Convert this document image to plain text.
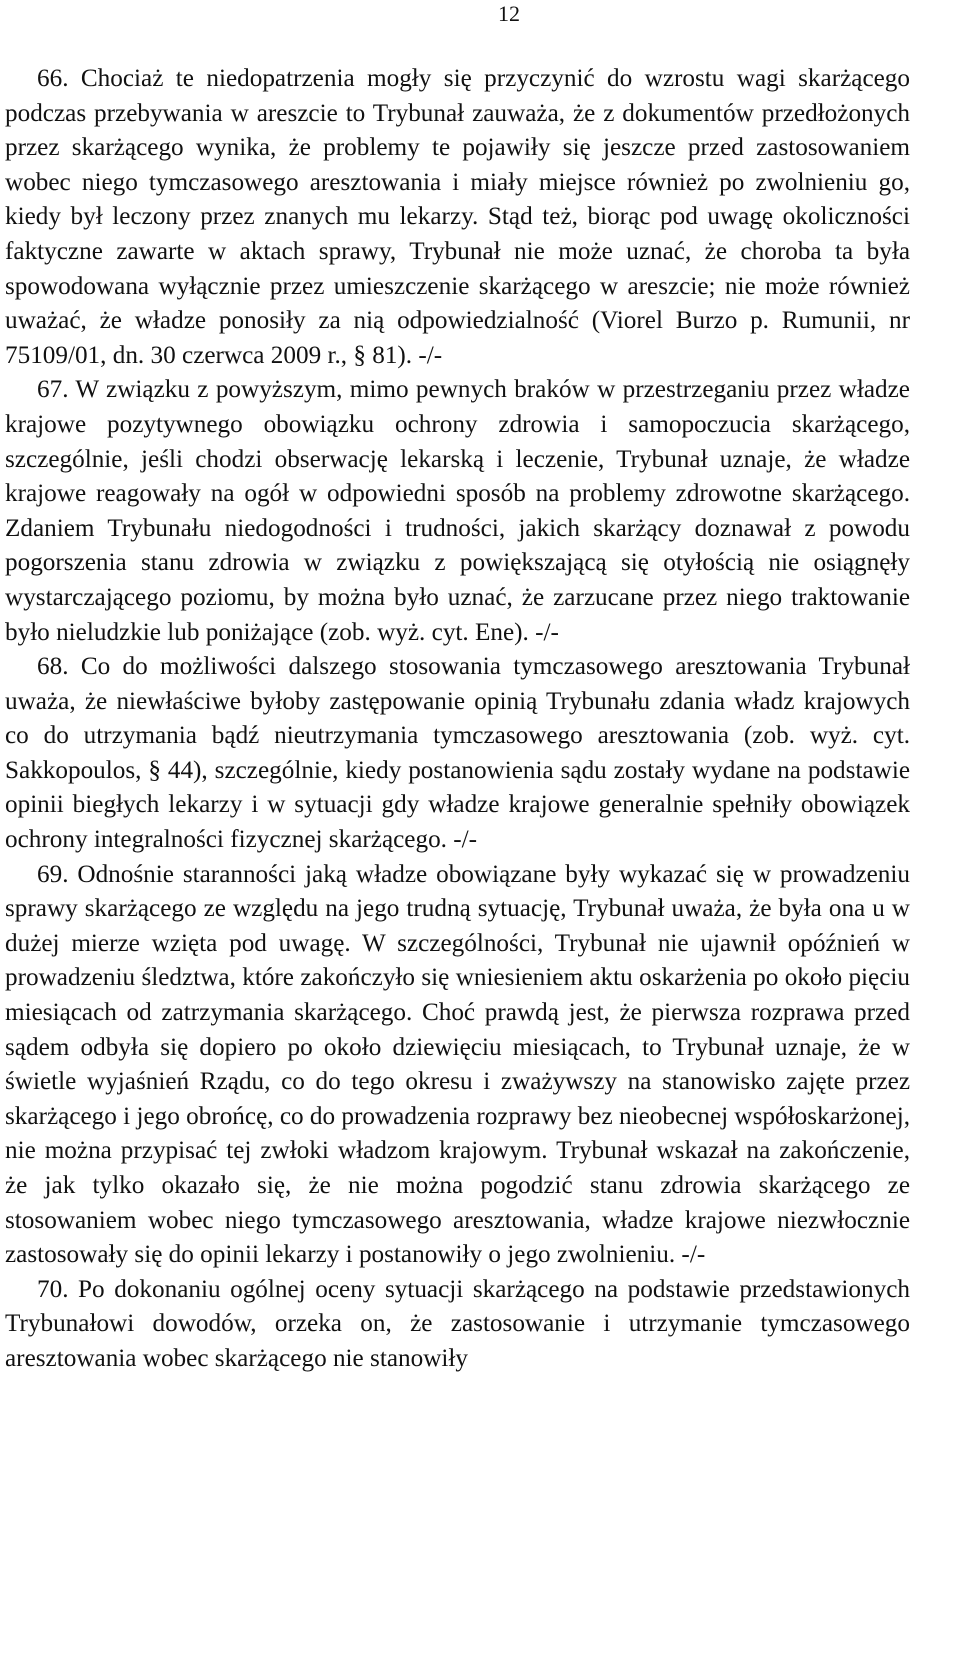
12

66. Chociaż te niedopatrzenia mogły się przyczynić do wzrostu wagi skarżącego podczas przebywania w areszcie to Trybunał zauważa, że z dokumentów przedłożonych przez skarżącego wynika, że problemy te pojawiły się jeszcze przed zastosowaniem wobec niego tymczasowego aresztowania i miały miejsce również po zwolnieniu go, kiedy był leczony przez znanych mu lekarzy. Stąd też, biorąc pod uwagę okoliczności faktyczne zawarte w aktach sprawy, Trybunał nie może uznać, że choroba ta była spowodowana wyłącznie przez umieszczenie skarżącego w areszcie; nie może również uważać, że władze ponosiły za nią odpowiedzialność (Viorel Burzo p. Rumunii, nr 75109/01, dn. 30 czerwca 2009 r., § 81). -/-

67. W związku z powyższym, mimo pewnych braków w przestrzeganiu przez władze krajowe pozytywnego obowiązku ochrony zdrowia i samopoczucia skarżącego, szczególnie, jeśli chodzi obserwację lekarską i leczenie, Trybunał uznaje, że władze krajowe reagowały na ogół w odpowiedni sposób na problemy zdrowotne skarżącego. Zdaniem Trybunału niedogodności i trudności, jakich skarżący doznawał z powodu pogorszenia stanu zdrowia w związku z powiększającą się otyłością nie osiągnęły wystarczającego poziomu, by można było uznać, że zarzucane przez niego traktowanie było nieludzkie lub poniżające (zob. wyż. cyt. Ene). -/-

68. Co do możliwości dalszego stosowania tymczasowego aresztowania Trybunał uważa, że niewłaściwe byłoby zastępowanie opinią Trybunału zdania władz krajowych co do utrzymania bądź nieutrzymania tymczasowego aresztowania (zob. wyż. cyt. Sakkopoulos, § 44), szczególnie, kiedy postanowienia sądu zostały wydane na podstawie opinii biegłych lekarzy i w sytuacji gdy władze krajowe generalnie spełniły obowiązek ochrony integralności fizycznej skarżącego. -/-

69. Odnośnie staranności jaką władze obowiązane były wykazać się w prowadzeniu sprawy skarżącego ze względu na jego trudną sytuację, Trybunał uważa, że była ona u w dużej mierze wzięta pod uwagę. W szczególności, Trybunał nie ujawnił opóźnień w prowadzeniu śledztwa, które zakończyło się wniesieniem aktu oskarżenia po około pięciu miesiącach od zatrzymania skarżącego. Choć prawdą jest, że pierwsza rozprawa przed sądem odbyła się dopiero po około dziewięciu miesiącach, to Trybunał uznaje, że w świetle wyjaśnień Rządu, co do tego okresu i zważywszy na stanowisko zajęte przez skarżącego i jego obrońcę, co do prowadzenia rozprawy bez nieobecnej współoskarżonej, nie można przypisać tej zwłoki władzom krajowym. Trybunał wskazał na zakończenie, że jak tylko okazało się, że nie można pogodzić stanu zdrowia skarżącego ze stosowaniem wobec niego tymczasowego aresztowania, władze krajowe niezwłocznie zastosowały się do opinii lekarzy i postanowiły o jego zwolnieniu. -/-

70. Po dokonaniu ogólnej oceny sytuacji skarżącego na podstawie przedstawionych Trybunałowi dowodów, orzeka on, że zastosowanie i utrzymanie tymczasowego aresztowania wobec skarżącego nie stanowiły
